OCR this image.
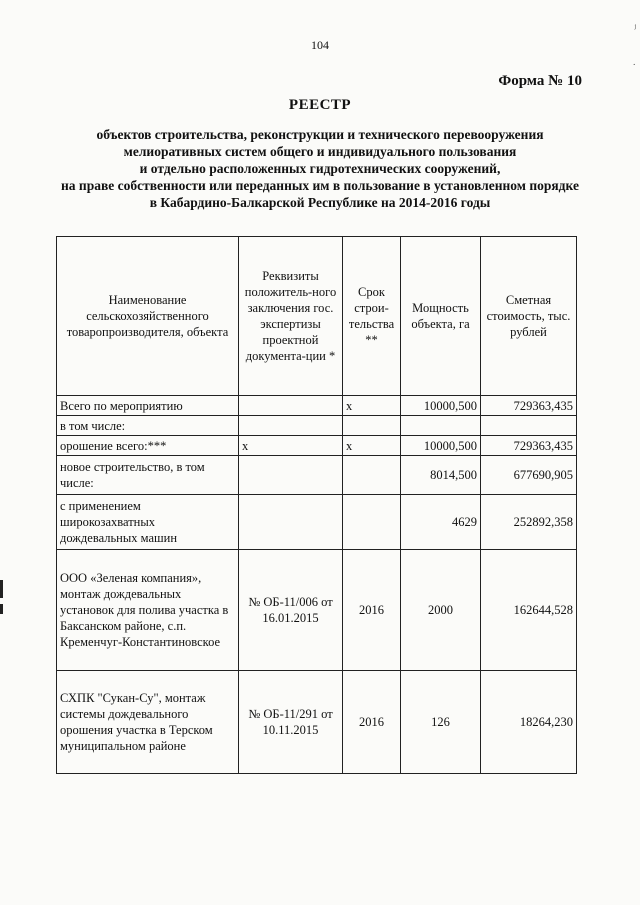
104
ʲ
˙
Форма № 10
РЕЕСТР
объектов строительства, реконструкции и технического перевооружения
мелиоративных систем общего и индивидуального пользования
и отдельно расположенных гидротехнических сооружений,
на праве собственности или переданных им в пользование в установленном порядке
в Кабардино-Балкарской Республике на 2014-2016 годы
Наименование сельскохозяйственного товаропроизводителя, объекта	Реквизиты положитель-ного заключения гос. экспертизы проектной документа-ции *	Срок строи-тельства **	Мощность объекта, га	Сметная стоимость, тыс. рублей
Всего по мероприятию		x	10000,500	729363,435
в том числе:				
орошение всего:***	x	x	10000,500	729363,435
новое строительство, в том числе:			8014,500	677690,905
с применением широкозахватных дождевальных машин			4629	252892,358
ООО «Зеленая компания», монтаж дождевальных установок для полива участка в Баксанском районе, с.п. Кременчуг-Константиновское	№ ОБ-11/006 от 16.01.2015	2016	2000	162644,528
СХПК "Сукан-Су", монтаж системы дождевального орошения участка в Терском муниципальном районе	№ ОБ-11/291 от 10.11.2015	2016	126	18264,230
